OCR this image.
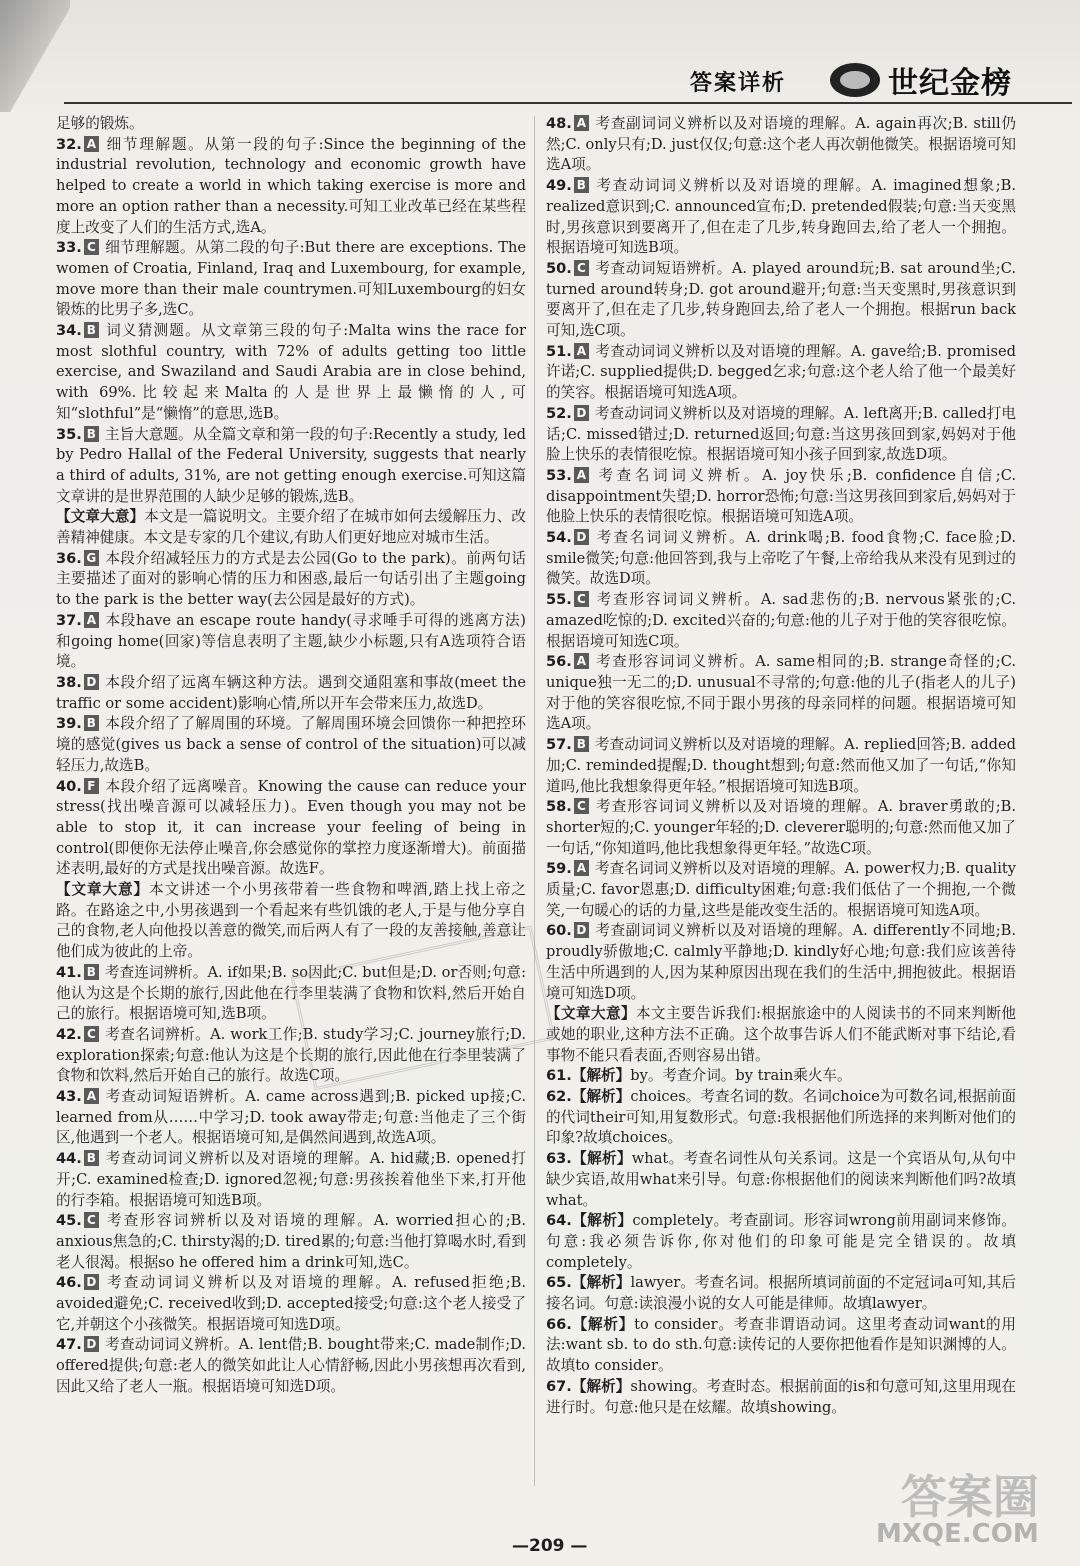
答案详析	世纪金榜
足够的锻炼。
32. A 细节理解题。从第一段的句子:Since the beginning of the industrial revolution, technology and economic growth have helped to create a world in which taking exercise is more and more an option rather than a necessity.可知工业改革已经在某些程度上改变了人们的生活方式,选A。
33. C 细节理解题。从第二段的句子:But there are exceptions. The women of Croatia, Finland, Iraq and Luxembourg, for example, move more than their male countrymen.可知Luxembourg的妇女锻炼的比男子多,选C。
34. B 词义猜测题。从文章第三段的句子:Malta wins the race for most slothful country, with 72% of adults getting too little exercise, and Swaziland and Saudi Arabia are in close behind, with 69%.比较起来Malta的人是世界上最懒惰的人,可知“slothful”是“懒惰”的意思,选B。
35. B 主旨大意题。从全篇文章和第一段的句子:Recently a study, led by Pedro Hallal of the Federal University, suggests that nearly a third of adults, 31%, are not getting enough exercise.可知这篇文章讲的是世界范围的人缺少足够的锻炼,选B。
【文章大意】本文是一篇说明文。主要介绍了在城市如何去缓解压力、改善精神健康。本文是专家的几个建议,有助人们更好地应对城市生活。
36. G 本段介绍减轻压力的方式是去公园(Go to the park)。前两句话主要描述了面对的影响心情的压力和困惑,最后一句话引出了主题going to the park is the better way(去公园是最好的方式)。
37. A 本段have an escape route handy(寻求唾手可得的逃离方法)和going home(回家)等信息表明了主题,缺少小标题,只有A选项符合语境。
38. D 本段介绍了远离车辆这种方法。遇到交通阻塞和事故(meet the traffic or some accident)影响心情,所以开车会带来压力,故选D。
39. B 本段介绍了了解周围的环境。了解周围环境会回馈你一种把控环境的感觉(gives us back a sense of control of the situation)可以减轻压力,故选B。
40. F 本段介绍了远离噪音。Knowing the cause can reduce your stress(找出噪音源可以减轻压力)。Even though you may not be able to stop it, it can increase your feeling of being in control(即便你无法停止噪音,你会感觉你的掌控力度逐渐增大)。前面描述表明,最好的方式是找出噪音源。故选F。
【文章大意】本文讲述一个小男孩带着一些食物和啤酒,踏上找上帝之路。在路途之中,小男孩遇到一个看起来有些饥饿的老人,于是与他分享自己的食物,老人向他投以善意的微笑,而后两人有了一段的友善接触,善意让他们成为彼此的上帝。
41. B 考查连词辨析。A. if如果;B. so因此;C. but但是;D. or否则;句意:他认为这是个长期的旅行,因此他在行李里装满了食物和饮料,然后开始自己的旅行。根据语境可知,选B项。
42. C 考查名词辨析。A. work工作;B. study学习;C. journey旅行;D. exploration探索;句意:他认为这是个长期的旅行,因此他在行李里装满了食物和饮料,然后开始自己的旅行。故选C项。
43. A 考查动词短语辨析。A. came across遇到;B. picked up接;C. learned from从……中学习;D. took away带走;句意:当他走了三个街区,他遇到一个老人。根据语境可知,是偶然间遇到,故选A项。
44. B 考查动词词义辨析以及对语境的理解。A. hid藏;B. opened打开;C. examined检查;D. ignored忽视;句意:男孩挨着他坐下来,打开他的行李箱。根据语境可知选B项。
45. C 考查形容词辨析以及对语境的理解。A. worried担心的;B. anxious焦急的;C. thirsty渴的;D. tired累的;句意:当他打算喝水时,看到老人很渴。根据so he offered him a drink可知,选C。
46. D 考查动词词义辨析以及对语境的理解。A. refused拒绝;B. avoided避免;C. received收到;D. accepted接受;句意:这个老人接受了它,并朝这个小孩微笑。根据语境可知选D项。
47. D 考查动词词义辨析。A. lent借;B. bought带来;C. made制作;D. offered提供;句意:老人的微笑如此让人心情舒畅,因此小男孩想再次看到,因此又给了老人一瓶。根据语境可知选D项。
48. A 考查副词词义辨析以及对语境的理解。A. again再次;B. still仍然;C. only只有;D. just仅仅;句意:这个老人再次朝他微笑。根据语境可知选A项。
49. B 考查动词词义辨析以及对语境的理解。A. imagined想象;B. realized意识到;C. announced宣布;D. pretended假装;句意:当天变黑时,男孩意识到要离开了,但在走了几步,转身跑回去,给了老人一个拥抱。根据语境可知选B项。
50. C 考查动词短语辨析。A. played around玩;B. sat around坐;C. turned around转身;D. got around避开;句意:当天变黑时,男孩意识到要离开了,但在走了几步,转身跑回去,给了老人一个拥抱。根据run back可知,选C项。
51. A 考查动词词义辨析以及对语境的理解。A. gave给;B. promised许诺;C. supplied提供;D. begged乞求;句意:这个老人给了他一个最美好的笑容。根据语境可知选A项。
52. D 考查动词词义辨析以及对语境的理解。A. left离开;B. called打电话;C. missed错过;D. returned返回;句意:当这男孩回到家,妈妈对于他脸上快乐的表情很吃惊。根据语境可知小孩子回到家,故选D项。
53. A 考查名词词义辨析。A. joy快乐;B. confidence自信;C. disappointment失望;D. horror恐怖;句意:当这男孩回到家后,妈妈对于他脸上快乐的表情很吃惊。根据语境可知选A项。
54. D 考查名词词义辨析。A. drink喝;B. food食物;C. face脸;D. smile微笑;句意:他回答到,我与上帝吃了午餐,上帝给我从来没有见到过的微笑。故选D项。
55. C 考查形容词词义辨析。A. sad悲伤的;B. nervous紧张的;C. amazed吃惊的;D. excited兴奋的;句意:他的儿子对于他的笑容很吃惊。根据语境可知选C项。
56. A 考查形容词词义辨析。A. same相同的;B. strange奇怪的;C. unique独一无二的;D. unusual不寻常的;句意:他的儿子(指老人的儿子)对于他的笑容很吃惊,不同于跟小男孩的母亲同样的问题。根据语境可知选A项。
57. B 考查动词词义辨析以及对语境的理解。A. replied回答;B. added加;C. reminded提醒;D. thought想到;句意:然而他又加了一句话,“你知道吗,他比我想象得更年轻。”根据语境可知选B项。
58. C 考查形容词词义辨析以及对语境的理解。A. braver勇敢的;B. shorter短的;C. younger年轻的;D. cleverer聪明的;句意:然而他又加了一句话,“你知道吗,他比我想象得更年轻。”故选C项。
59. A 考查名词词义辨析以及对语境的理解。A. power权力;B. quality质量;C. favor恩惠;D. difficulty困难;句意:我们低估了一个拥抱,一个微笑,一句暖心的话的力量,这些是能改变生活的。根据语境可知选A项。
60. D 考查副词词义辨析以及对语境的理解。A. differently不同地;B. proudly骄傲地;C. calmly平静地;D. kindly好心地;句意:我们应该善待生活中所遇到的人,因为某种原因出现在我们的生活中,拥抱彼此。根据语境可知选D项。
【文章大意】本文主要告诉我们:根据旅途中的人阅读书的不同来判断他或她的职业,这种方法不正确。这个故事告诉人们不能武断对事下结论,看事物不能只看表面,否则容易出错。
61.【解析】by。考查介词。by train乘火车。
62.【解析】choices。考查名词的数。名词choice为可数名词,根据前面的代词their可知,用复数形式。句意:我根据他们所选择的来判断对他们的印象?故填choices。
63.【解析】what。考查名词性从句关系词。这是一个宾语从句,从句中缺少宾语,故用what来引导。句意:你根据他们的阅读来判断他们吗?故填what。
64.【解析】completely。考查副词。形容词wrong前用副词来修饰。句意:我必须告诉你,你对他们的印象可能是完全错误的。故填completely。
65.【解析】lawyer。考查名词。根据所填词前面的不定冠词a可知,其后接名词。句意:读浪漫小说的女人可能是律师。故填lawyer。
66.【解析】to consider。考查非谓语动词。这里考查动词want的用法:want sb. to do sth.句意:读传记的人要你把他看作是知识渊博的人。故填to consider。
67.【解析】showing。考查时态。根据前面的is和句意可知,这里用现在进行时。句意:他只是在炫耀。故填showing。
—209 —
答案圈
MXQE.COM
